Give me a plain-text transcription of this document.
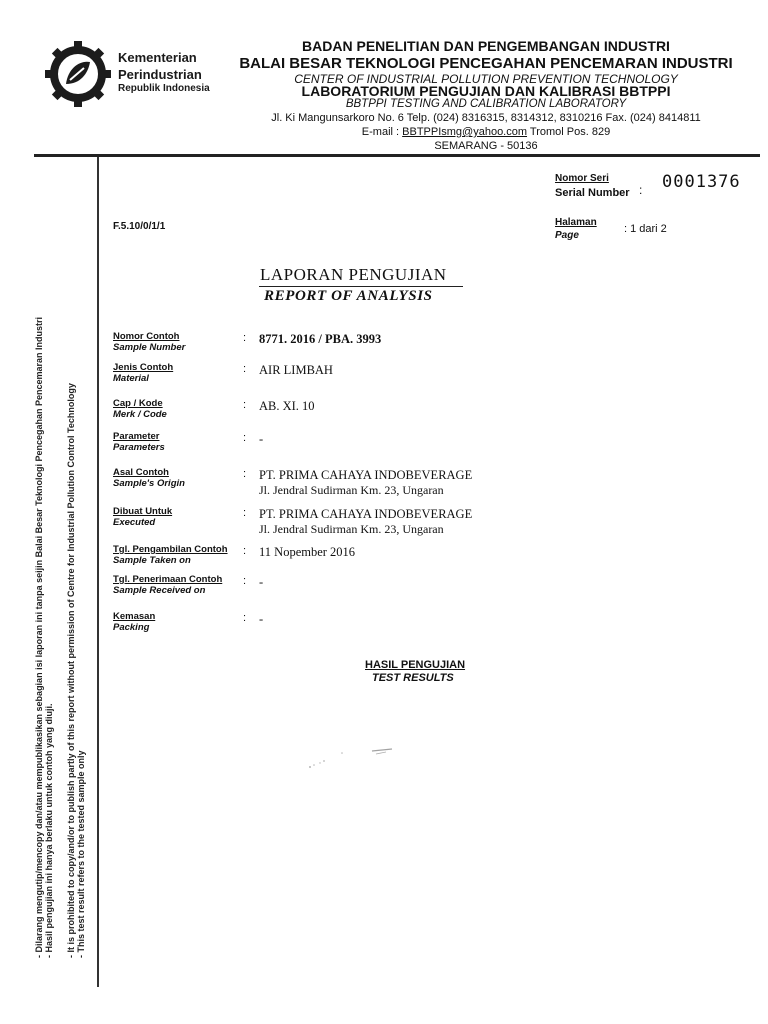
Kementerian
Perindustrian
Republik Indonesia
BADAN PENELITIAN DAN PENGEMBANGAN INDUSTRI
BALAI BESAR TEKNOLOGI PENCEGAHAN PENCEMARAN INDUSTRI
CENTER OF INDUSTRIAL POLLUTION PREVENTION TECHNOLOGY
LABORATORIUM PENGUJIAN DAN KALIBRASI BBTPPI
BBTPPI TESTING AND CALIBRATION LABORATORY
Jl. Ki Mangunsarkoro No. 6 Telp. (024) 8316315, 8314312, 8310216 Fax. (024) 8414811
E-mail : BBTPPIsmg@yahoo.com Tromol Pos. 829
SEMARANG - 50136
- Dilarang mengutip/mencopy dan/atau mempublikasikan sebagian isi laporan ini tanpa seijin Balai Besar Teknologi Pencegahan Pencemaran Industri - Hasil pengujian ini hanya berlaku untuk contoh yang diuji. - It is prohibited to copy/and/or to publish partly of this report without permission of Centre for Industrial Pollution Control Technology - This test result refers to the tested sample only
Nomor Seri
Serial Number : 0001376
F.5.10/0/1/1	Halaman
Page
: 1 dari 2
LAPORAN PENGUJIAN
REPORT OF ANALYSIS
Nomor Contoh
Sample Number
: 8771. 2016 / PBA. 3993
Jenis Contoh
Material
: AIR LIMBAH
Cap / Kode
Merk / Code
: AB. XI. 10
Parameter
Parameters
: -
Asal Contoh
Sample's Origin
: PT. PRIMA CAHAYA INDOBEVERAGE
Jl. Jendral Sudirman Km. 23, Ungaran
Dibuat Untuk
Executed
: PT. PRIMA CAHAYA INDOBEVERAGE
Jl. Jendral Sudirman Km. 23, Ungaran
Tgl. Pengambilan Contoh
Sample Taken on
: 11 Nopember 2016
Tgl. Penerimaan Contoh
Sample Received on
: -
Kemasan
Packing
: -
HASIL PENGUJIAN
TEST RESULTS
